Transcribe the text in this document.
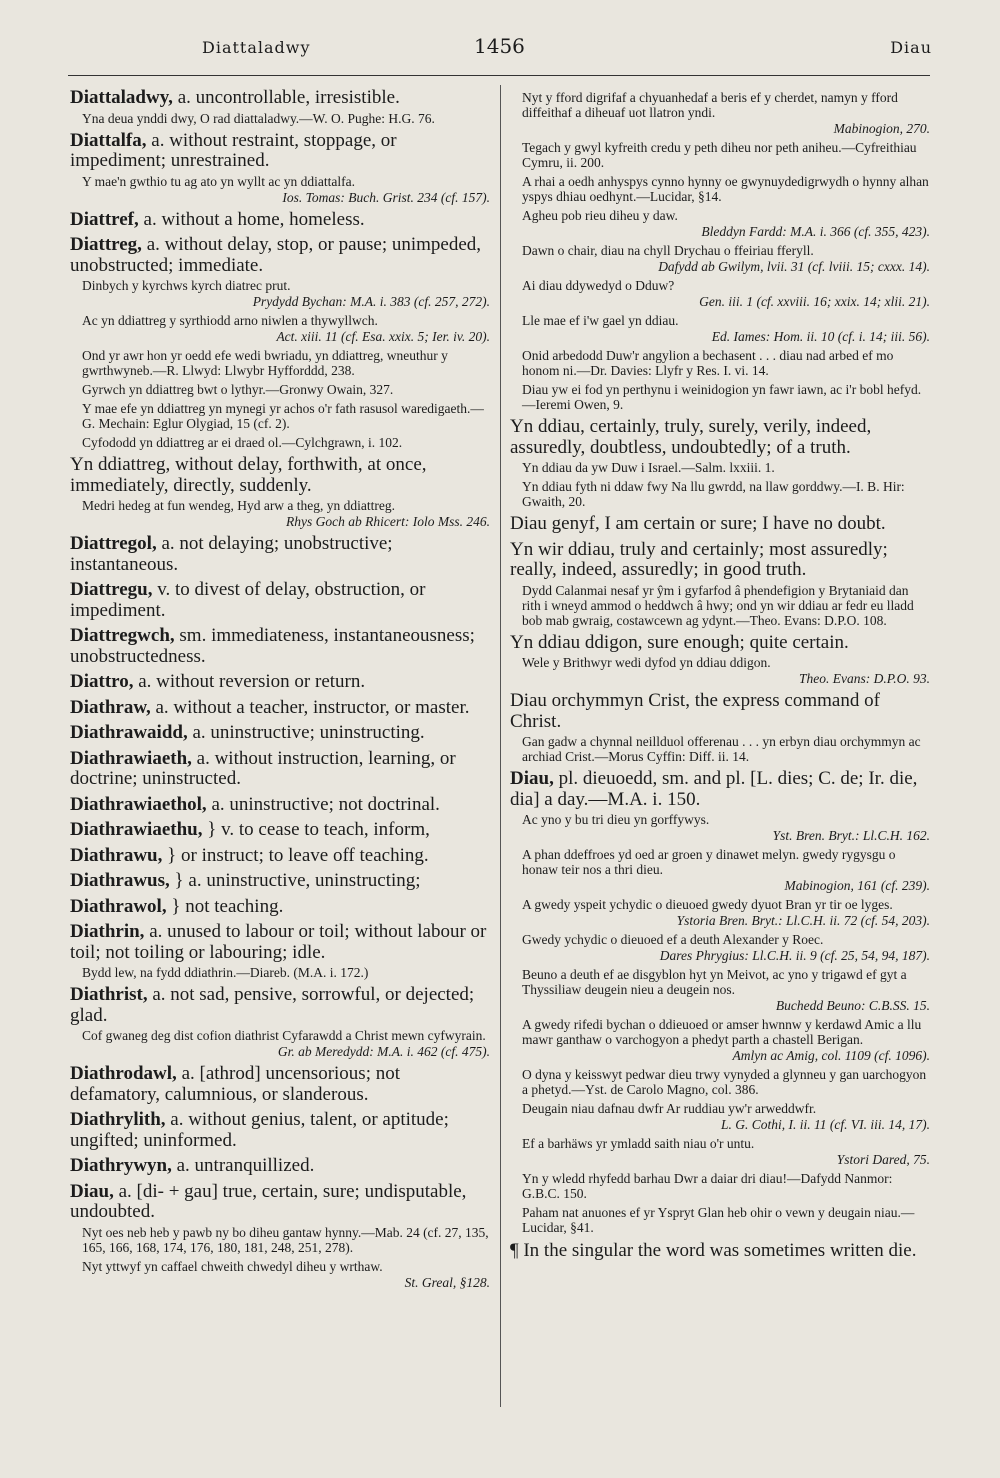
Diattaladwy	1456	Diau
Diattaladwy, a. uncontrollable, irresistible.
Yna deua ynddi dwy, O rad diattaladwy.—W. O. Pughe: H.G. 76.
Diattalfa, a. without restraint, stoppage, or impediment; unrestrained.
Y mae'n gwthio tu ag ato yn wyllt ac yn ddiattalfa.
Ios. Tomas: Buch. Grist. 234 (cf. 157).
Diattref, a. without a home, homeless.
Diattreg, a. without delay, stop, or pause; unimpeded, unobstructed; immediate.
Dinbych y kyrchws kyrch diatrec prut.
Prydydd Bychan: M.A. i. 383 (cf. 257, 272).
Ac yn ddiattreg y syrthiodd arno niwlen a thywyllwch.
Act. xiii. 11 (cf. Esa. xxix. 5; Ier. iv. 20).
Ond yr awr hon yr oedd efe wedi bwriadu, yn ddiattreg, wneuthur y gwrthwyneb.—R. Llwyd: Llwybr Hyfforddd, 238.
Gyrwch yn ddiattreg bwt o lythyr.—Gronwy Owain, 327.
Y mae efe yn ddiattreg yn mynegi yr achos o'r fath rasusol waredigaeth.—G. Mechain: Eglur Olygiad, 15 (cf. 2).
Cyfododd yn ddiattreg ar ei draed ol.—Cylchgrawn, i. 102.
Yn ddiattreg, without delay, forthwith, at once, immediately, directly, suddenly.
Medri hedeg at fun wendeg, Hyd arw a theg, yn ddiattreg.
Rhys Goch ab Rhicert: Iolo Mss. 246.
Diattregol, a. not delaying; unobstructive; instantaneous.
Diattregu, v. to divest of delay, obstruction, or impediment.
Diattregwch, sm. immediateness, instantaneousness; unobstructedness.
Diattro, a. without reversion or return.
Diathraw, a. without a teacher, instructor, or master.
Diathrawaidd, a. uninstructive; uninstructing.
Diathrawiaeth, a. without instruction, learning, or doctrine; uninstructed.
Diathrawiaethol, a. uninstructive; not doctrinal.
Diathrawiaethu, } v. to cease to teach, inform,
Diathrawu, } or instruct; to leave off teaching.
Diathrawus, } a. uninstructive, uninstructing;
Diathrawol, } not teaching.
Diathrin, a. unused to labour or toil; without labour or toil; not toiling or labouring; idle.
Bydd lew, na fydd ddiathrin.—Diareb. (M.A. i. 172.)
Diathrist, a. not sad, pensive, sorrowful, or dejected; glad.
Cof gwaneg deg dist cofion diathrist Cyfarawdd a Christ mewn cyfwyrain.
Gr. ab Meredydd: M.A. i. 462 (cf. 475).
Diathrodawl, a. [athrod] uncensorious; not defamatory, calumnious, or slanderous.
Diathrylith, a. without genius, talent, or aptitude; ungifted; uninformed.
Diathrywyn, a. untranquillized.
Diau, a. [di- + gau] true, certain, sure; undisputable, undoubted.
Nyt oes neb heb y pawb ny bo diheu gantaw hynny.—Mab. 24 (cf. 27, 135, 165, 166, 168, 174, 176, 180, 181, 248, 251, 278).
Nyt yttwyf yn caffael chweith chwedyl diheu y wrthaw.
St. Greal, §128.
Nyt y fford digrifaf a chyuanhedaf a beris ef y cherdet, namyn y fford diffeithaf a diheuaf uot llatron yndi.
Mabinogion, 270.
Tegach y gwyl kyfreith credu y peth diheu nor peth aniheu.—Cyfreithiau Cymru, ii. 200.
A rhai a oedh anhyspys cynno hynny oe gwynuydedigrwydh o hynny alhan yspys dhiau oedhynt.—Lucidar, §14.
Agheu pob rieu diheu y daw.
Bleddyn Fardd: M.A. i. 366 (cf. 355, 423).
Dawn o chair, diau na chyll Drychau o ffeiriau fferyll.
Dafydd ab Gwilym, lvii. 31 (cf. lviii. 15; cxxx. 14).
Ai diau ddywedyd o Dduw?
Gen. iii. 1 (cf. xxviii. 16; xxix. 14; xlii. 21).
Lle mae ef i'w gael yn ddiau.
Ed. Iames: Hom. ii. 10 (cf. i. 14; iii. 56).
Onid arbedodd Duw'r angylion a bechasent . . . diau nad arbed ef mo honom ni.—Dr. Davies: Llyfr y Res. I. vi. 14.
Diau yw ei fod yn perthynu i weinidogion yn fawr iawn, ac i'r bobl hefyd.—Ieremi Owen, 9.
Yn ddiau, certainly, truly, surely, verily, indeed, assuredly, doubtless, undoubtedly; of a truth.
Yn ddiau da yw Duw i Israel.—Salm. lxxiii. 1.
Yn ddiau fyth ni ddaw fwy Na llu gwrdd, na llaw gorddwy.—I. B. Hir: Gwaith, 20.
Diau genyf, I am certain or sure; I have no doubt.
Yn wir ddiau, truly and certainly; most assuredly; really, indeed, assuredly; in good truth.
Dydd Calanmai nesaf yr ŷm i gyfarfod â phendefigion y Brytaniaid dan rith i wneyd ammod o heddwch â hwy; ond yn wir ddiau ar fedr eu lladd bob mab gwraig, costawcewn ag ydynt.—Theo. Evans: D.P.O. 108.
Yn ddiau ddigon, sure enough; quite certain.
Wele y Brithwyr wedi dyfod yn ddiau ddigon.
Theo. Evans: D.P.O. 93.
Diau orchymmyn Crist, the express command of Christ.
Gan gadw a chynnal neillduol offerenau . . . yn erbyn diau orchymmyn ac archiad Crist.—Morus Cyffin: Diff. ii. 14.
Diau, pl. dieuoedd, sm. and pl. [L. dies; C. de; Ir. die, dia] a day.—M.A. i. 150.
Ac yno y bu tri dieu yn gorffywys.
Yst. Bren. Bryt.: Ll.C.H. 162.
A phan ddeffroes yd oed ar groen y dinawet melyn. gwedy rygysgu o honaw teir nos a thri dieu.
Mabinogion, 161 (cf. 239).
A gwedy yspeit ychydic o dieuoed gwedy dyuot Bran yr tir oe lyges.
Ystoria Bren. Bryt.: Ll.C.H. ii. 72 (cf. 54, 203).
Gwedy ychydic o dieuoed ef a deuth Alexander y Roec.
Dares Phrygius: Ll.C.H. ii. 9 (cf. 25, 54, 94, 187).
Beuno a deuth ef ae disgyblon hyt yn Meivot, ac yno y trigawd ef gyt a Thyssiliaw deugein nieu a deugein nos.
Buchedd Beuno: C.B.SS. 15.
A gwedy rifedi bychan o ddieuoed or amser hwnnw y kerdawd Amic a llu mawr ganthaw o varchogyon a phedyt parth a chastell Berigan.
Amlyn ac Amig, col. 1109 (cf. 1096).
O dyna y keisswyt pedwar dieu trwy vynyded a glynneu y gan uarchogyon a phetyd.—Yst. de Carolo Magno, col. 386.
Deugain niau dafnau dwfr Ar ruddiau yw'r arweddwfr.
L. G. Cothi, I. ii. 11 (cf. VI. iii. 14, 17).
Ef a barhäws yr ymladd saith niau o'r untu.
Ystori Dared, 75.
Yn y wledd rhyfedd barhau Dwr a daiar dri diau!—Dafydd Nanmor: G.B.C. 150.
Paham nat anuones ef yr Yspryt Glan heb ohir o vewn y deugain niau.—Lucidar, §41.
¶ In the singular the word was sometimes written die.
